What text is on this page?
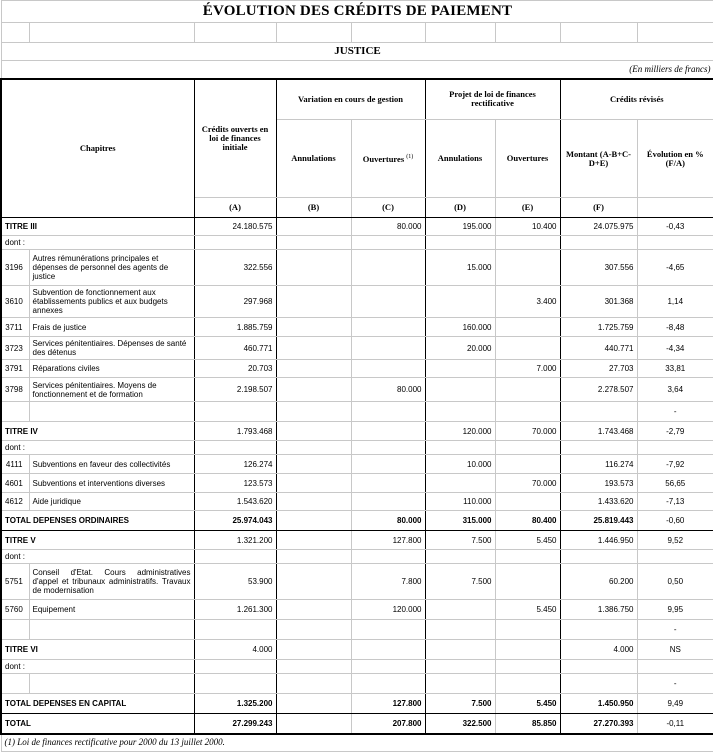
ÉVOLUTION DES CRÉDITS DE PAIEMENT								

JUSTICE								
(En milliers de francs)								
Chapitres		Crédits ouverts en loi de finances initiale	Variation en cours de gestion		Projet de loi de finances rectificative		Crédits révisés	
			Annulations	Ouvertures $^{(1)}$	Annulations	Ouvertures	Montant (A-B+C-D+E)	Évolution en % (F/A)
		(A)	(B)	(C)	(D)	(E)	(F)	
TITRE III		24.180.575		80.000	195.000	10.400	24.075.975	-0,43
dont :								
3196	Autres rémunérations principales et dépenses de personnel des agents de justice	322.556			15.000		307.556	-4,65
3610	Subvention de fonctionnement aux établissements publics et aux budgets annexes	297.968				3.400	301.368	1,14
3711	Frais de justice	1.885.759			160.000		1.725.759	-8,48
3723	Services pénitentiaires. Dépenses de santé des détenus	460.771			20.000		440.771	-4,34
3791	Réparations civiles	20.703				7.000	27.703	33,81
3798	Services pénitentiaires. Moyens de fonctionnement et de formation	2.198.507		80.000			2.278.507	3,64
								-
TITRE IV		1.793.468			120.000	70.000	1.743.468	-2,79
dont :								
4111	Subventions en faveur des collectivités	126.274			10.000		116.274	-7,92
4601	Subventions et interventions diverses	123.573				70.000	193.573	56,65
4612	Aide juridique	1.543.620			110.000		1.433.620	-7,13
TOTAL DEPENSES ORDINAIRES		25.974.043		80.000	315.000	80.400	25.819.443	-0,60
TITRE V		1.321.200		127.800	7.500	5.450	1.446.950	9,52
dont :								
5751	Conseil d'Etat. Cours administratives d'appel et tribunaux administratifs. Travaux de modernisation	53.900		7.800	7.500		60.200	0,50
5760	Equipement	1.261.300		120.000		5.450	1.386.750	9,95
								-
TITRE VI		4.000					4.000	NS
dont :								
								-
TOTAL DEPENSES EN CAPITAL		1.325.200		127.800	7.500	5.450	1.450.950	9,49
TOTAL		27.299.243		207.800	322.500	85.850	27.270.393	-0,11
(1) Loi de finances rectificative pour 2000 du 13 juillet 2000.								
